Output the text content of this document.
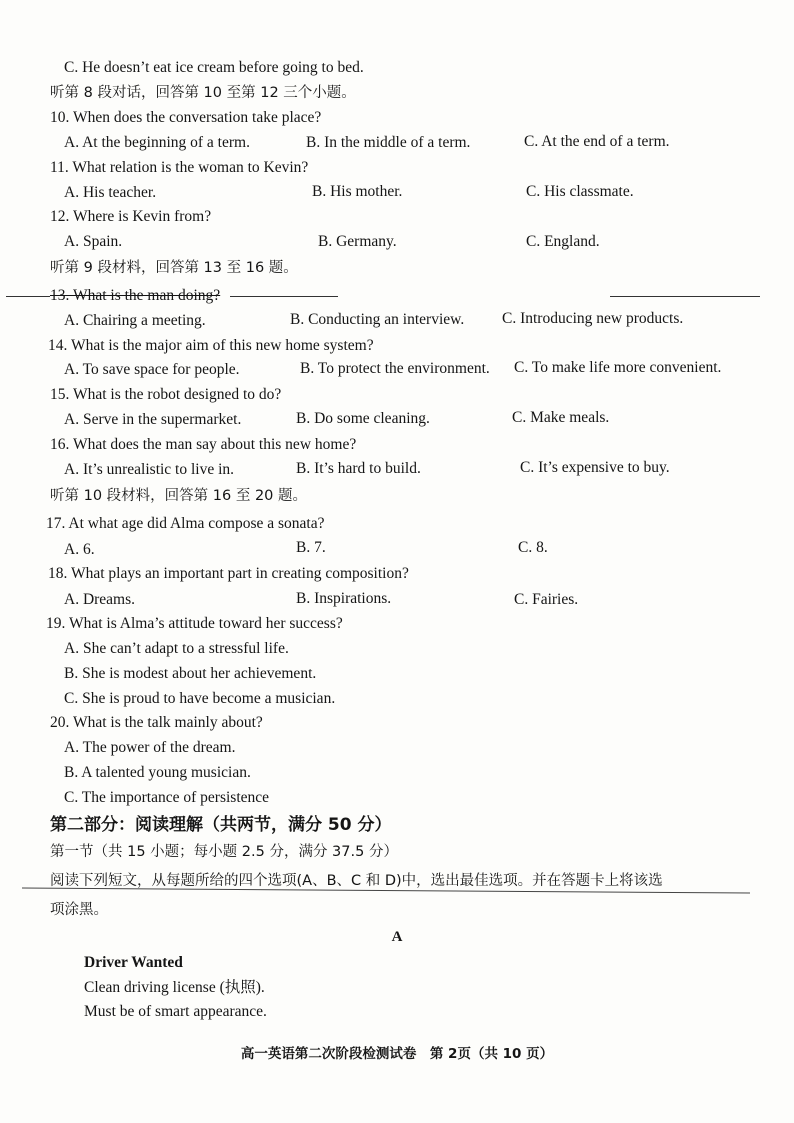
C. He doesn’t eat ice cream before going to bed.
听第 8 段对话，回答第 10 至第 12 三个小题。
10. When does the conversation take place?
A. At the beginning of a term.	B. In the middle of a term.	C. At the end of a term.
11. What relation is the woman to Kevin?
A. His teacher.	B. His mother.	C. His classmate.
12. Where is Kevin from?
A. Spain.	B. Germany.	C. England.
听第 9 段材料，回答第 13 至 16 题。
13. What is the man doing?
A. Chairing a meeting.	B. Conducting an interview. C. Introducing new products.
14. What is the major aim of this new home system?
A. To save space for people.	B. To protect the environment. C. To make life more convenient.
15. What is the robot designed to do?
A. Serve in the supermarket.	B. Do some cleaning.	C. Make meals.
16. What does the man say about this new home?
A. It’s unrealistic to live in.	B. It’s hard to build.	C. It’s expensive to buy.
听第 10 段材料，回答第 16 至 20 题。
17. At what age did Alma compose a sonata?
A. 6.	B. 7.	C. 8.
18. What plays an important part in creating composition?
A. Dreams.	B. Inspirations.	C. Fairies.
19. What is Alma’s attitude toward her success?
A. She can’t adapt to a stressful life.
B. She is modest about her achievement.
C. She is proud to have become a musician.
20. What is the talk mainly about?
A. The power of the dream.
B. A talented young musician.
C. The importance of persistence
第二部分：阅读理解（共两节，满分 50 分）
第一节（共 15 小题；每小题 2.5 分，满分 37.5 分）
阅读下列短文，从每题所给的四个选项(A、B、C 和 D)中，选出最佳选项。并在答题卡上将该选
项涂黑。
A
Driver Wanted
Clean driving license (执照).
Must be of smart appearance.
高一英语第二次阶段检测试卷　第 2页（共 10 页）
